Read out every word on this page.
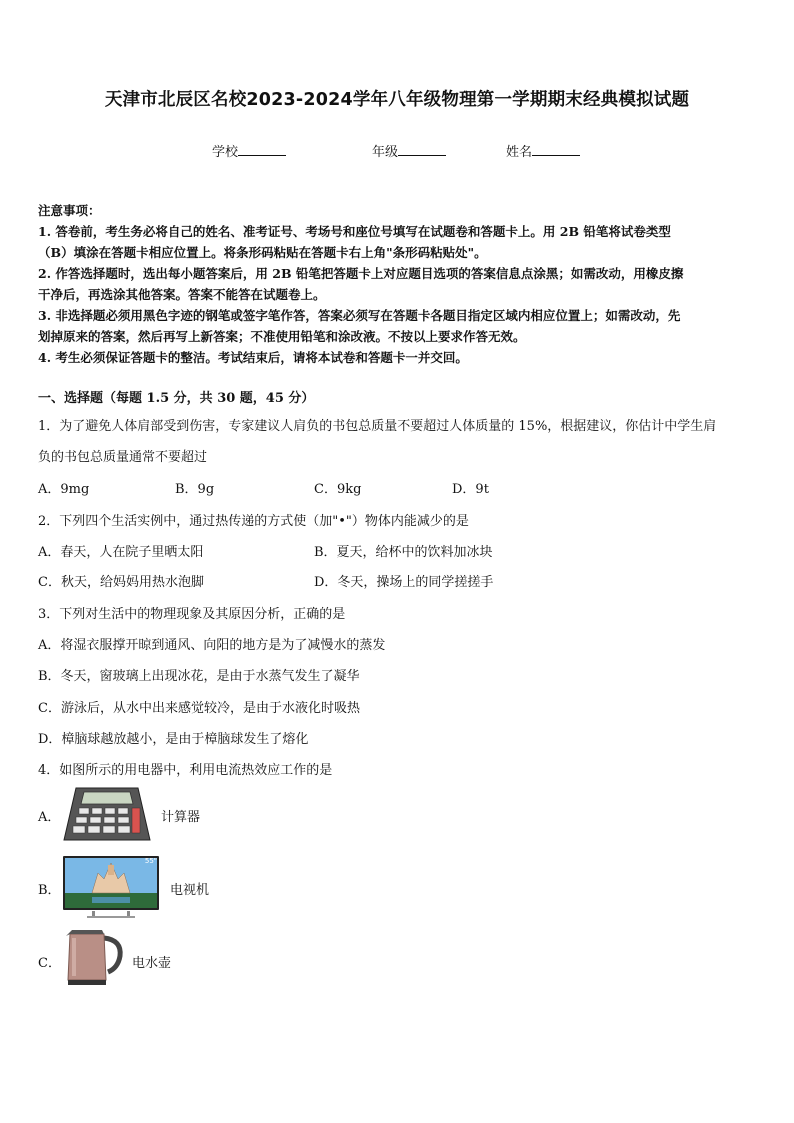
天津市北辰区名校2023-2024学年八年级物理第一学期期末经典模拟试题
学校	年级	姓名
注意事项：
1. 答卷前，考生务必将自己的姓名、准考证号、考场号和座位号填写在试题卷和答题卡上。用 2B 铅笔将试卷类型
（B）填涂在答题卡相应位置上。将条形码粘贴在答题卡右上角"条形码粘贴处"。
2. 作答选择题时，选出每小题答案后，用 2B 铅笔把答题卡上对应题目选项的答案信息点涂黑；如需改动，用橡皮擦
干净后，再选涂其他答案。答案不能答在试题卷上。
3. 非选择题必须用黑色字迹的钢笔或签字笔作答，答案必须写在答题卡各题目指定区域内相应位置上；如需改动，先
划掉原来的答案，然后再写上新答案；不准使用铅笔和涂改液。不按以上要求作答无效。
4. 考生必须保证答题卡的整洁。考试结束后，请将本试卷和答题卡一并交回。
一、选择题（每题 1.5 分，共 30 题，45 分）
1．为了避免人体肩部受到伤害，专家建议人肩负的书包总质量不要超过人体质量的 15%，根据建议，你估计中学生肩
负的书包总质量通常不要超过
A．9mg	B．9g	C．9kg	D．9t
2．下列四个生活实例中，通过热传递的方式使（加"•"）物体内能减少的是
A．春天，人在院子里晒太阳	B．夏天，给杯中的饮料加冰块
C．秋天，给妈妈用热水泡脚	D．冬天，操场上的同学搓搓手
3．下列对生活中的物理现象及其原因分析，正确的是
A．将湿衣服撑开晾到通风、向阳的地方是为了减慢水的蒸发
B．冬天，窗玻璃上出现冰花，是由于水蒸气发生了凝华
C．游泳后，从水中出来感觉较冷，是由于水液化时吸热
D．樟脑球越放越小，是由于樟脑球发生了熔化
4．如图所示的用电器中，利用电流热效应工作的是
A．	计算器
B．
55"
电视机
C．	电水壶
